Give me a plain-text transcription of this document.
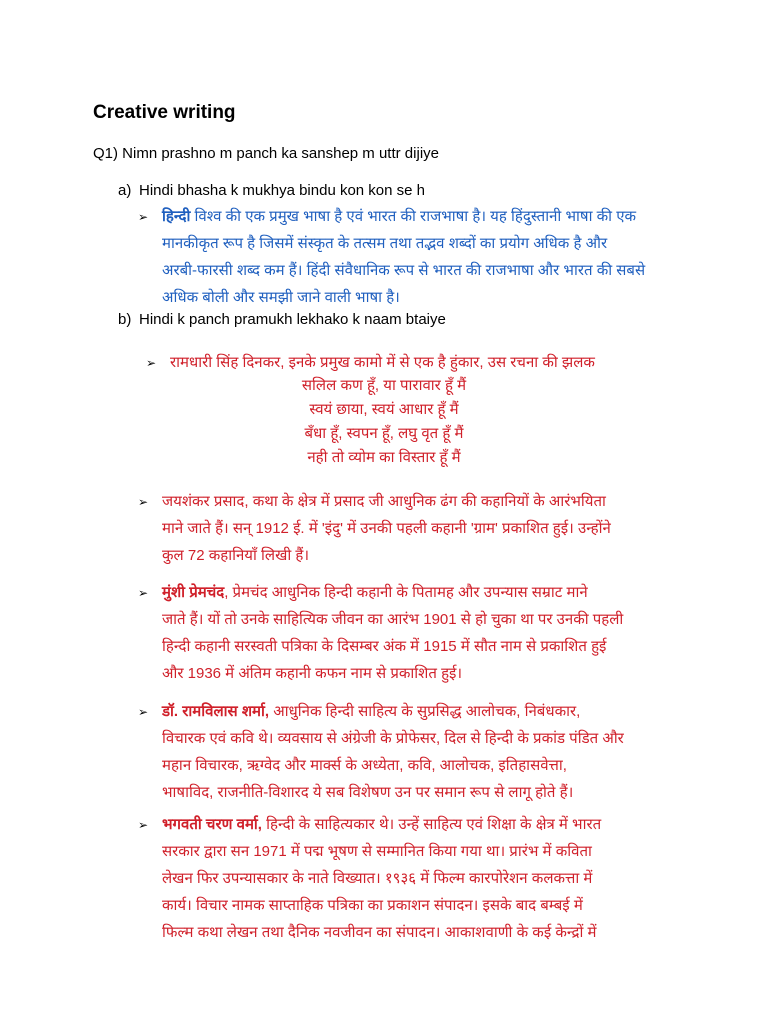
Creative writing
Q1) Nimn prashno m panch ka sanshep m uttr dijiye
a) Hindi bhasha k mukhya bindu kon kon se h
➢ हिन्दी विश्व की एक प्रमुख भाषा है एवं भारत की राजभाषा है। यह हिंदुस्तानी भाषा की एक
मानकीकृत रूप है जिसमें संस्कृत के तत्सम तथा तद्भव शब्दों का प्रयोग अधिक है और
अरबी-फारसी शब्द कम हैं। हिंदी संवैधानिक रूप से भारत की राजभाषा और भारत की सबसे
अधिक बोली और समझी जाने वाली भाषा है।
b) Hindi k panch pramukh lekhako k naam btaiye
➢ रामधारी सिंह दिनकर, इनके प्रमुख कामो में से एक है हुंकार, उस रचना की झलक
सलिल कण हूँ, या पारावार हूँ मैं
स्वयं छाया, स्वयं आधार हूँ मैं
बँधा हूँ, स्वपन हूँ, लघु वृत हूँ मैं
नही तो व्योम का विस्तार हूँ मैं
➢ जयशंकर प्रसाद, कथा के क्षेत्र में प्रसाद जी आधुनिक ढंग की कहानियों के आरंभयिता
माने जाते हैं। सन् 1912 ई. में 'इंदु' में उनकी पहली कहानी 'ग्राम' प्रकाशित हुई। उन्होंने
कुल 72 कहानियाँ लिखी हैं।
➢ मुंशी प्रेमचंद, प्रेमचंद आधुनिक हिन्दी कहानी के पितामह और उपन्यास सम्राट माने
जाते हैं। यों तो उनके साहित्यिक जीवन का आरंभ 1901 से हो चुका था पर उनकी पहली
हिन्दी कहानी सरस्वती पत्रिका के दिसम्बर अंक में 1915 में सौत नाम से प्रकाशित हुई
और 1936 में अंतिम कहानी कफन नाम से प्रकाशित हुई।
➢ डॉ. रामविलास शर्मा, आधुनिक हिन्दी साहित्य के सुप्रसिद्ध आलोचक, निबंधकार,
विचारक एवं कवि थे। व्यवसाय से अंग्रेजी के प्रोफेसर, दिल से हिन्दी के प्रकांड पंडित और
महान विचारक, ऋग्वेद और मार्क्स के अध्येता, कवि, आलोचक, इतिहासवेत्ता,
भाषाविद, राजनीति-विशारद ये सब विशेषण उन पर समान रूप से लागू होते हैं।
➢ भगवती चरण वर्मा, हिन्दी के साहित्यकार थे। उन्हें साहित्य एवं शिक्षा के क्षेत्र में भारत
सरकार द्वारा सन 1971 में पद्म भूषण से सम्मानित किया गया था। प्रारंभ में कविता
लेखन फिर उपन्यासकार के नाते विख्यात। १९३६ में फिल्म कारपोरेशन कलकत्ता में
कार्य। विचार नामक साप्ताहिक पत्रिका का प्रकाशन संपादन। इसके बाद बम्बई में
फिल्म कथा लेखन तथा दैनिक नवजीवन का संपादन। आकाशवाणी के कई केन्द्रों में
